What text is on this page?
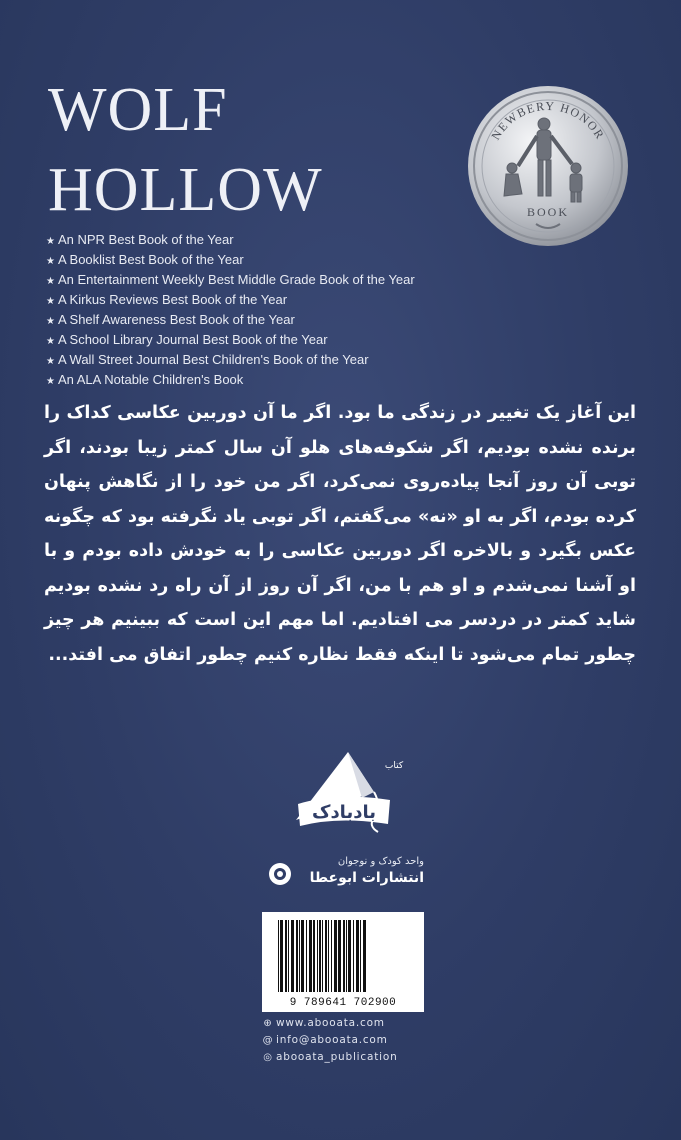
WOLF
HOLLOW
NEWBERY HONOR
BOOK
★ An NPR Best Book of the Year
★ A Booklist Best Book of the Year
★ An Entertainment Weekly Best Middle Grade Book of the Year
★ A Kirkus Reviews Best Book of the Year
★ A Shelf Awareness Best Book of the Year
★ A School Library Journal Best Book of the Year
★ A Wall Street Journal Best Children's Book of the Year
★ An ALA Notable Children's Book

این آغاز یک تغییر در زندگی ما بود. اگر ما آن دوربین عکاسی کداک را برنده نشده بودیم، اگر شکوفه‌های هلو آن سال کمتر زیبا بودند، اگر توبی آن روز آنجا پیاده‌روی نمی‌کرد، اگر من خود را از نگاهش پنهان کرده بودم، اگر به او «نه» می‌گفتم، اگر توبی یاد نگرفته بود که چگونه عکس بگیرد و بالاخره اگر دوربین عکاسی را به خودش داده بودم و با او آشنا نمی‌شدم و او هم با من، اگر آن روز از آن راه رد نشده بودیم شاید کمتر در دردسر می افتادیم. اما مهم این است که ببینیم هر چیز چطور تمام می‌شود تا اینکه فقط نظاره کنیم چطور اتفاق می افتد...

بادبادک
کتاب
واحد کودک و نوجوان
انتشارات ابوعطا
9 789641 702900
⊕ www.abooata.com
@ info@abooata.com
◎ abooata_publication
